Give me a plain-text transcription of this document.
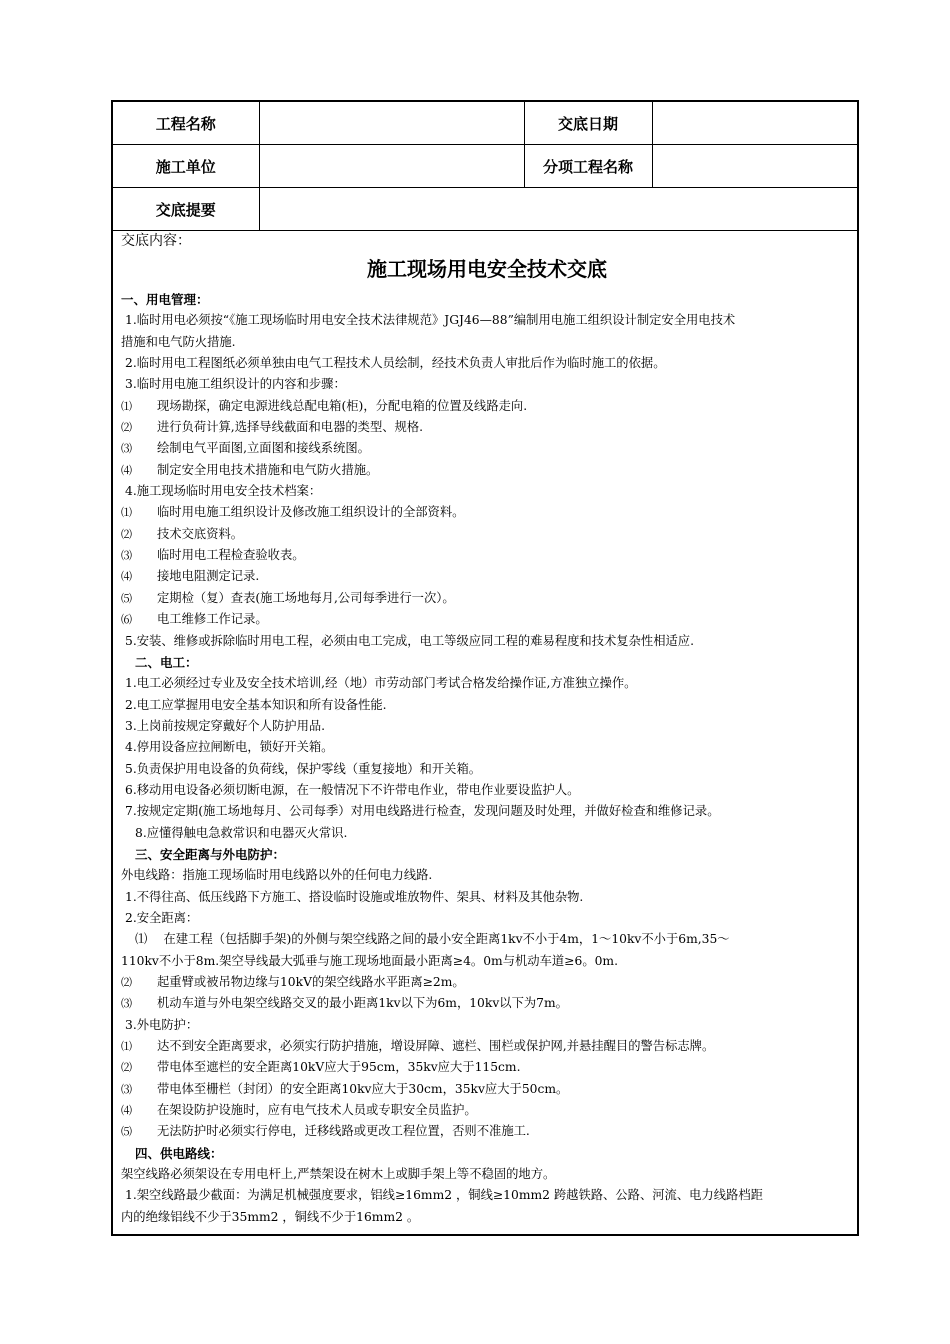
工程名称		交底日期	
施工单位		分项工程名称	
交底提要			
交底内容：
施工现场用电安全技术交底
一、用电管理：
1.临时用电必须按“《施工现场临时用电安全技术法律规范》JGJ46—88”编制用电施工组织设计制定安全用电技术
措施和电气防火措施.
2.临时用电工程图纸必须单独由电气工程技术人员绘制，经技术负责人审批后作为临时施工的依据。
3.临时用电施工组织设计的内容和步骤：
⑴	现场勘探，确定电源进线总配电箱(柜)，分配电箱的位置及线路走向.
⑵	进行负荷计算,选择导线截面和电器的类型、规格.
⑶	绘制电气平面图,立面图和接线系统图。
⑷	制定安全用电技术措施和电气防火措施。
4.施工现场临时用电安全技术档案：
⑴	临时用电施工组织设计及修改施工组织设计的全部资料。
⑵	技术交底资料。
⑶	临时用电工程检查验收表。
⑷	接地电阻测定记录.
⑸	定期检（复）查表(施工场地每月,公司每季进行一次）。
⑹	电工维修工作记录。
5.安装、维修或拆除临时用电工程，必须由电工完成，电工等级应同工程的难易程度和技术复杂性相适应.
二、电工：
1.电工必须经过专业及安全技术培训,经（地）市劳动部门考试合格发给操作证,方准独立操作。
2.电工应掌握用电安全基本知识和所有设备性能.
3.上岗前按规定穿戴好个人防护用品.
4.停用设备应拉闸断电，锁好开关箱。
5.负责保护用电设备的负荷线，保护零线（重复接地）和开关箱。
6.移动用电设备必须切断电源，在一般情况下不许带电作业，带电作业要设监护人。
7.按规定定期(施工场地每月、公司每季）对用电线路进行检查，发现问题及时处理，并做好检查和维修记录。
8.应懂得触电急救常识和电器灭火常识.
三、安全距离与外电防护：
外电线路：指施工现场临时用电线路以外的任何电力线路.
1.不得往高、低压线路下方施工、搭设临时设施或堆放物件、架具、材料及其他杂物.
2.安全距离：
⑴　 在建工程（包括脚手架)的外侧与架空线路之间的最小安全距离1kv不小于4m，1～10kv不小于6m,35～
110kv不小于8m.架空导线最大弧垂与施工现场地面最小距离≥4。0m与机动车道≥6。0m.
⑵	起重臂或被吊物边缘与10kV的架空线路水平距离≥2m。
⑶	机动车道与外电架空线路交叉的最小距离1kv以下为6m，10kv以下为7m。
3.外电防护：
⑴	达不到安全距离要求，必须实行防护措施，增设屏障、遮栏、围栏或保护网,并悬挂醒目的警告标志牌。
⑵	带电体至遮栏的安全距离10kV应大于95cm，35kv应大于115cm.
⑶	带电体至栅栏（封闭）的安全距离10kv应大于30cm，35kv应大于50cm。
⑷	在架设防护设施时，应有电气技术人员或专职安全员监护。
⑸	无法防护时必须实行停电，迁移线路或更改工程位置，否则不准施工.
四、供电路线：
架空线路必须架设在专用电杆上,严禁架设在树木上或脚手架上等不稳固的地方。
1.架空线路最少截面：为满足机械强度要求，铝线≥16mm2 ，铜线≥10mm2 跨越铁路、公路、河流、电力线路档距
内的绝缘铝线不少于35mm2 ，铜线不少于16mm2 。
